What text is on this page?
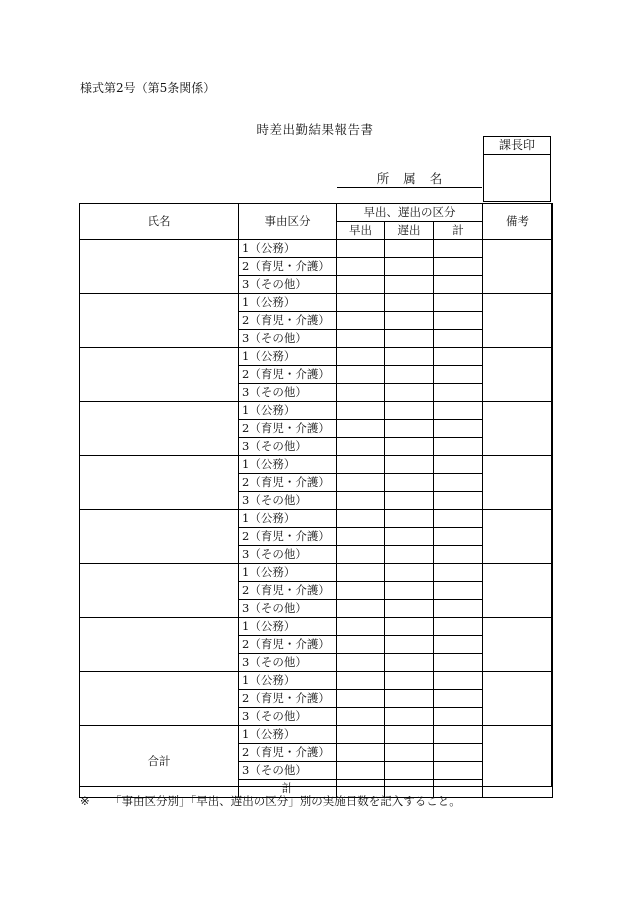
様式第2号（第5条関係）
時差出勤結果報告書
課長印
所属名
氏名	事由区分	早出、遅出の区分			備考
		早出	遅出	計	
	1（公務）				
	2（育児・介護）				
	3（その他）				
	1（公務）				
	2（育児・介護）				
	3（その他）				
	1（公務）				
	2（育児・介護）				
	3（その他）				
	1（公務）				
	2（育児・介護）				
	3（その他）				
	1（公務）				
	2（育児・介護）				
	3（その他）				
	1（公務）				
	2（育児・介護）				
	3（その他）				
	1（公務）				
	2（育児・介護）				
	3（その他）				
	1（公務）				
	2（育児・介護）				
	3（その他）				
	1（公務）				
	2（育児・介護）				
	3（その他）				
合計	1（公務）				
	2（育児・介護）				
	3（その他）				
	計				
※ 「事由区分別」「早出、遅出の区分」別の実施日数を記入すること。
